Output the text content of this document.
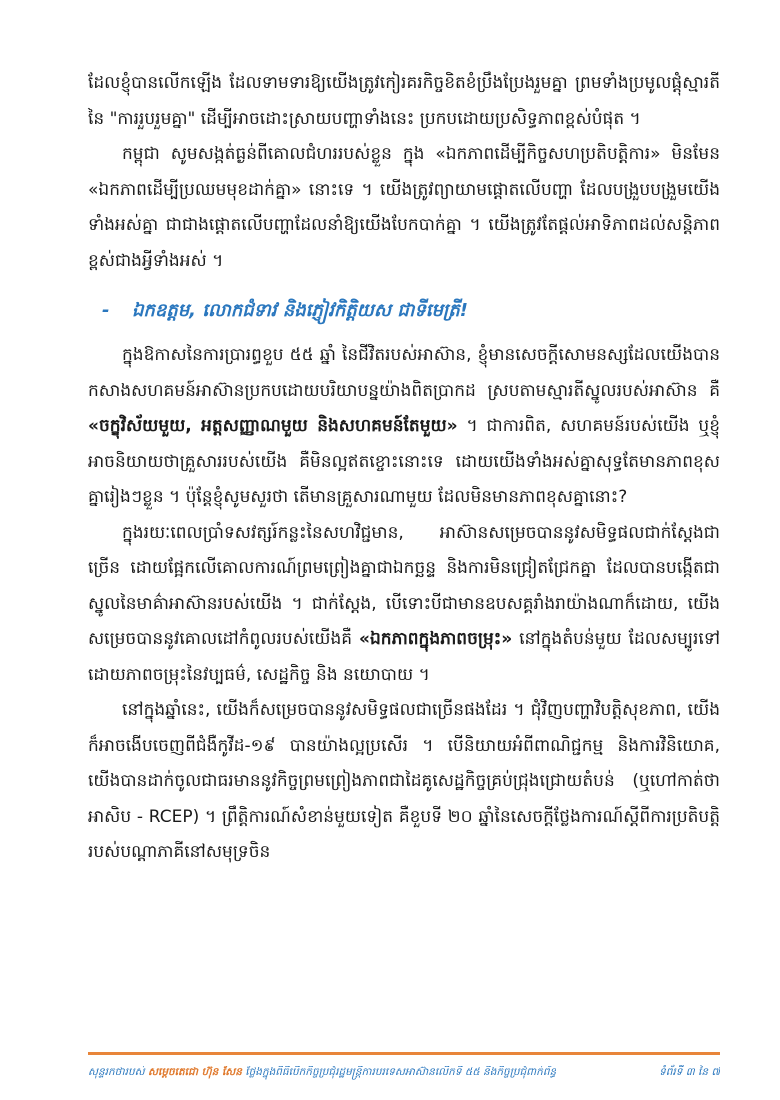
ដែលខ្ញុំបានលើកឡើង ដែលទាមទារឱ្យយើងត្រូវកៀរគរកិច្ចខិតខំប្រឹងប្រែងរួមគ្នា ព្រមទាំងប្រមូលផ្តុំស្មារតីនៃ "ការរួបរួមគ្នា" ដើម្បីអាចដោះស្រាយបញ្ហាទាំងនេះ ប្រកបដោយប្រសិទ្ធភាពខ្ពស់បំផុត ។

កម្ពុជា សូមសង្កត់ធ្ងន់ពីគោលជំហររបស់ខ្លួន ក្នុង «ឯកភាពដើម្បីកិច្ចសហប្រតិបត្តិការ» មិនមែន «ឯកភាពដើម្បីប្រឈមមុខដាក់គ្នា» នោះទេ ។ យើងត្រូវព្យាយាមផ្តោតលើបញ្ហា ដែលបង្រួបបង្រួមយើងទាំងអស់គ្នា ជាជាងផ្តោតលើបញ្ហាដែលនាំឱ្យយើងបែកបាក់គ្នា ។ យើងត្រូវតែផ្តល់អាទិភាពដល់សន្តិភាព ខ្ពស់ជាងអ្វីទាំងអស់ ។

- ឯកឧត្តម, លោកជំទាវ និងភ្ញៀវកិត្តិយស ជាទីមេត្រី!

ក្នុងឱកាសនៃការប្រារព្ធខួប ៥៥ ឆ្នាំ នៃជីវិតរបស់អាស៊ាន, ខ្ញុំមានសេចក្តីសោមនស្សដែលយើងបានកសាងសហគមន៍អាស៊ានប្រកបដោយបរិយាបន្នយ៉ាងពិតប្រាកដ ស្របតាមស្មារតីស្នូលរបស់អាស៊ាន គឺ «ចក្ខុវិស័យមួយ, អត្តសញ្ញាណមួយ និងសហគមន៍តែមួយ» ។ ជាការពិត, សហគមន៍របស់យើង ឬខ្ញុំអាចនិយាយថាគ្រួសាររបស់យើង គឺមិនល្អឥតខ្ចោះនោះទេ ដោយយើងទាំងអស់គ្នាសុទ្ធតែមានភាពខុសគ្នារៀងៗខ្លួន ។ ប៉ុន្តែខ្ញុំសូមសួរថា តើមានគ្រួសារណាមួយ ដែលមិនមានភាពខុសគ្នានោះ?

ក្នុងរយៈពេលប្រាំទសវត្សរ៍កន្លះនៃសហវិជ្ជមាន, អាស៊ានសម្រេចបាននូវសមិទ្ធផលជាក់ស្តែងជាច្រើន ដោយផ្អែកលើគោលការណ៍ព្រមព្រៀងគ្នាជាឯកច្ឆន្ទ និងការមិនជ្រៀតជ្រែកគ្នា ដែលបានបង្កើតជាស្នូលនៃមាគ៌ាអាស៊ានរបស់យើង ។ ជាក់ស្តែង, បើទោះបីជាមានឧបសគ្គរាំងរាយ៉ាងណាក៏ដោយ, យើងសម្រេចបាននូវគោលដៅកំពូលរបស់យើងគឺ «ឯកភាពក្នុងភាពចម្រុះ» នៅក្នុងតំបន់មួយ ដែលសម្បូរទៅដោយភាពចម្រុះនៃវប្បធម៌, សេដ្ឋកិច្ច និង នយោបាយ ។

នៅក្នុងឆ្នាំនេះ, យើងក៏សម្រេចបាននូវសមិទ្ធផលជាច្រើនផងដែរ ។ ជុំវិញបញ្ហាវិបត្តិសុខភាព, យើងក៏អាចងើបចេញពីជំងឺកូវីដ-១៩ បានយ៉ាងល្អប្រសើរ ។ បើនិយាយអំពីពាណិជ្ជកម្ម និងការវិនិយោគ, យើងបានដាក់ចូលជាធរមាននូវកិច្ចព្រមព្រៀងភាពជាដៃគូសេដ្ឋកិច្ចគ្រប់ជ្រុងជ្រោយតំបន់ (ឬហៅកាត់ថា អាសិប - RCEP) ។ ព្រឹត្តិការណ៍សំខាន់មួយទៀត គឺខួបទី ២០ ឆ្នាំនៃសេចក្តីថ្លែងការណ៍ស្តីពីការប្រតិបត្តិរបស់បណ្តាភាគីនៅសមុទ្រចិន

សុន្ទរកថារបស់ សម្តេចតេជោ ហ៊ុន សែន ថ្លែងក្នុងពិធីបើកកិច្ចប្រជុំរដ្ឋមន្ត្រីការបរទេសអាស៊ានលើកទី ៥៥ និងកិច្ចប្រជុំពាក់ព័ន្ធ	ទំព័រទី ៣ នៃ ៧
